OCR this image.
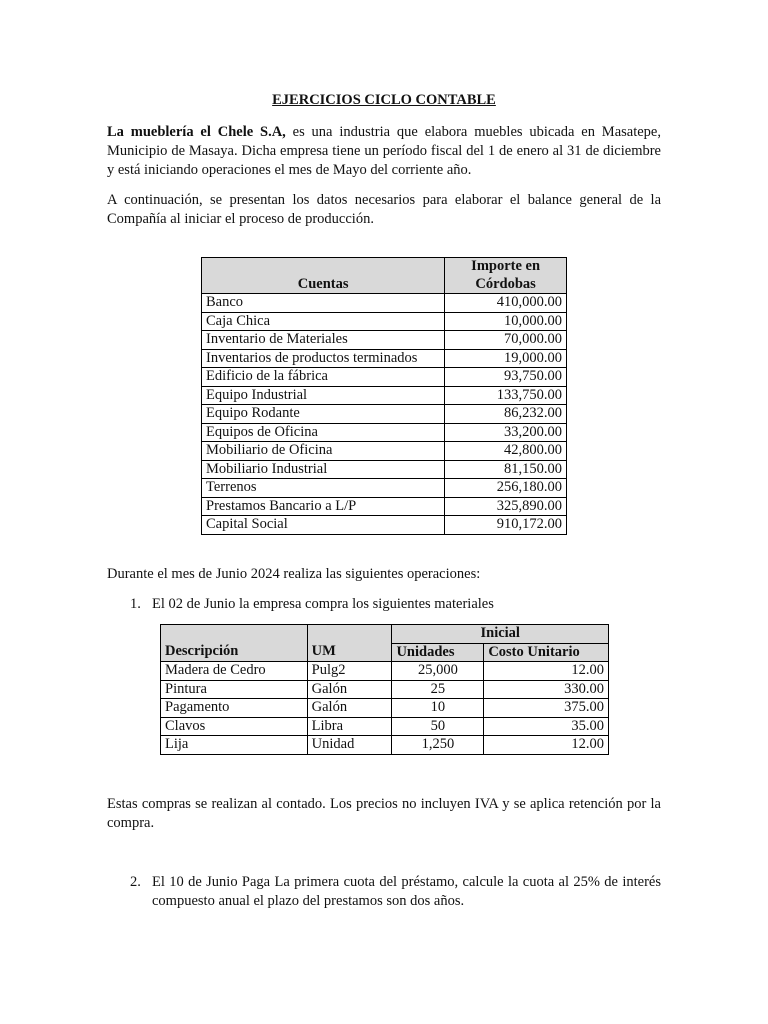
EJERCICIOS CICLO CONTABLE

La mueblería el Chele S.A, es una industria que elabora muebles ubicada en Masatepe, Municipio de Masaya. Dicha empresa tiene un período fiscal del 1 de enero al 31 de diciembre y está iniciando operaciones el mes de Mayo del corriente año.

A continuación, se presentan los datos necesarios para elaborar el balance general de la Compañía al iniciar el proceso de producción.

Cuentas	Importe en
Córdobas
Banco	410,000.00
Caja Chica	10,000.00
Inventario de Materiales	70,000.00
Inventarios de productos terminados	19,000.00
Edificio de la fábrica	93,750.00
Equipo Industrial	133,750.00
Equipo Rodante	86,232.00
Equipos de Oficina	33,200.00
Mobiliario de Oficina	42,800.00
Mobiliario Industrial	81,150.00
Terrenos	256,180.00
Prestamos Bancario a L/P	325,890.00
Capital Social	910,172.00

Durante el mes de Junio 2024 realiza las siguientes operaciones:

1. El 02 de Junio la empresa compra los siguientes materiales
		Inicial	
Descripción	UM	Unidades	Costo Unitario
Madera de Cedro	Pulg2	25,000	12.00
Pintura	Galón	25	330.00
Pagamento	Galón	10	375.00
Clavos	Libra	50	35.00
Lija	Unidad	1,250	12.00

Estas compras se realizan al contado. Los precios no incluyen IVA y se aplica retención por la compra.

2. El 10 de Junio Paga La primera cuota del préstamo, calcule la cuota al 25% de interés compuesto anual el plazo del prestamos son dos años.
